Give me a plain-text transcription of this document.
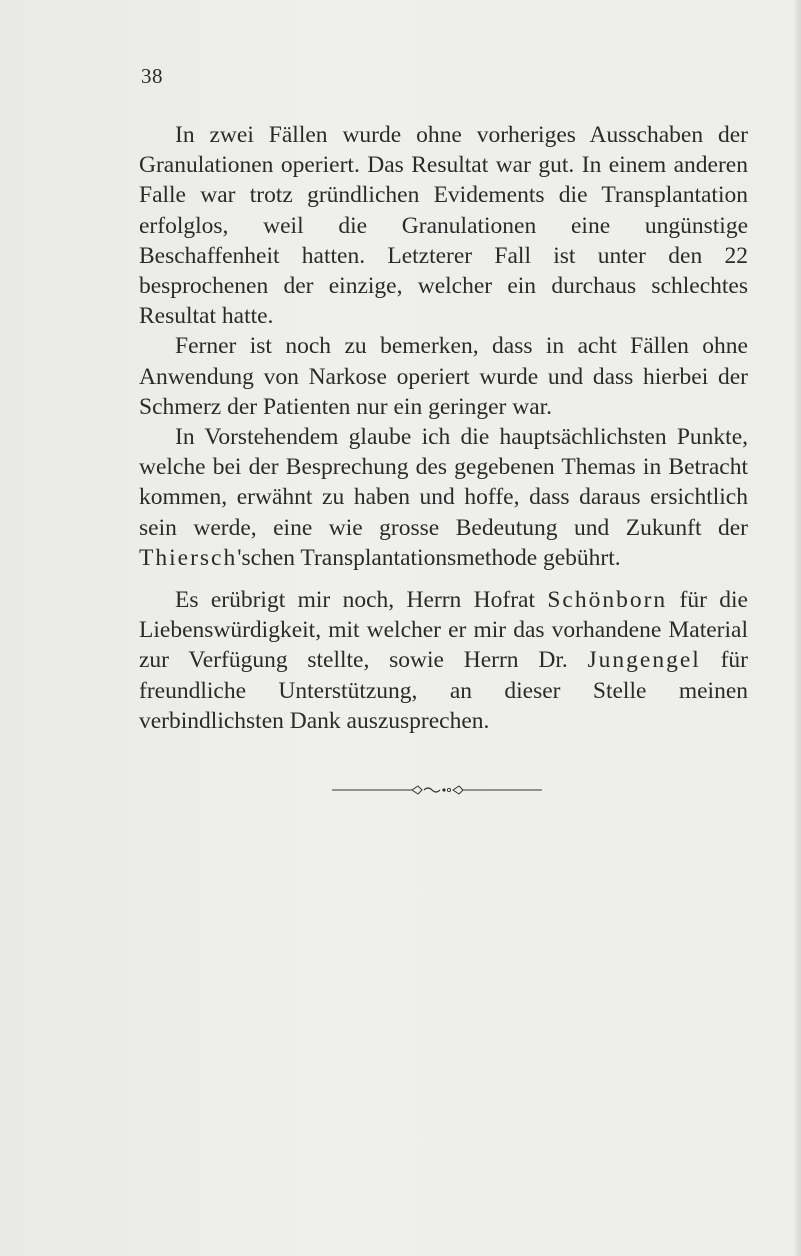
38

In zwei Fällen wurde ohne vorheriges Ausschaben der Granulationen operiert. Das Resultat war gut. In einem anderen Falle war trotz gründlichen Evidements die Transplantation erfolglos, weil die Granulationen eine ungünstige Beschaffenheit hatten. Letzterer Fall ist unter den 22 besprochenen der einzige, welcher ein durchaus schlechtes Resultat hatte.

Ferner ist noch zu bemerken, dass in acht Fällen ohne Anwendung von Narkose operiert wurde und dass hierbei der Schmerz der Patienten nur ein geringer war.

In Vorstehendem glaube ich die hauptsächlichsten Punkte, welche bei der Besprechung des gegebenen Themas in Betracht kommen, erwähnt zu haben und hoffe, dass daraus ersichtlich sein werde, eine wie grosse Bedeutung und Zukunft der Thiersch'schen Transplantationsmethode gebührt.

Es erübrigt mir noch, Herrn Hofrat Schönborn für die Liebenswürdigkeit, mit welcher er mir das vorhandene Material zur Verfügung stellte, sowie Herrn Dr. Jungengel für freundliche Unterstützung, an dieser Stelle meinen verbindlichsten Dank auszusprechen.
